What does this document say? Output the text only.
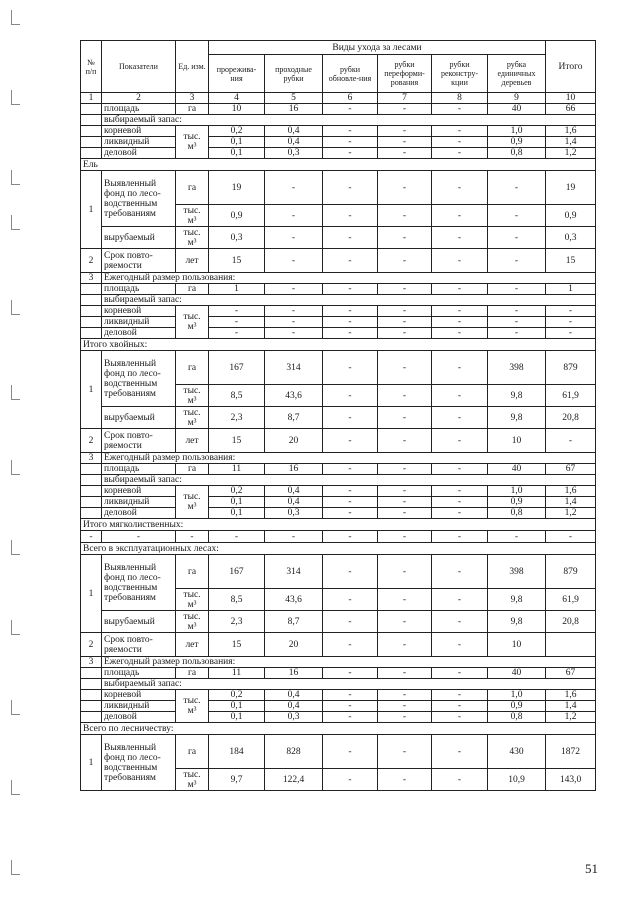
№ п/п	Показатели	Ед. изм.	Виды ухода за лесами						Итого
			прорежива-ния	проходные рубки	рубки обновле-ния	рубки переформи-рования	рубки реконстру-кции	рубка единичных деревьев	
1	2	3	4	5	6	7	8	9	10
	площадь	га	10	16	-	-	-	40	66
	выбираемый запас:								
	корневой	тыс. м³	0,2	0,4	-	-	-	1,0	1,6
	ликвидный		0,1	0,4	-	-	-	0,9	1,4
	деловой		0,1	0,3	-	-	-	0,8	1,2
Ель									
1	Выявленный фонд по лесо-водственным требованиям	га	19	-	-	-	-	-	19
		тыс. м³	0,9	-	-	-	-	-	0,9
	вырубаемый	тыс. м³	0,3	-	-	-	-	-	0,3
2	Срок повто-ряемости	лет	15	-	-	-	-	-	15
3	Ежегодный размер пользования:								
	площадь	га	1	-	-	-	-	-	1
	выбираемый запас:								
	корневой	тыс. м³	-	-	-	-	-	-	-
	ликвидный		-	-	-	-	-	-	-
	деловой		-	-	-	-	-	-	-
Итого хвойных:									
1	Выявленный фонд по лесо-водственным требованиям	га	167	314	-	-	-	398	879
		тыс. м³	8,5	43,6	-	-	-	9,8	61,9
	вырубаемый	тыс. м³	2,3	8,7	-	-	-	9,8	20,8
2	Срок повто-ряемости	лет	15	20	-	-	-	10	-
3	Ежегодный размер пользования:								
	площадь	га	11	16	-	-	-	40	67
	выбираемый запас:								
	корневой	тыс. м³	0,2	0,4	-	-	-	1,0	1,6
	ликвидный		0,1	0,4	-	-	-	0,9	1,4
	деловой		0,1	0,3	-	-	-	0,8	1,2
Итого мягколиственных:									
-	-	-	-	-	-	-	-	-	-
Всего в эксплуатационных лесах:									
1	Выявленный фонд по лесо-водственным требованиям	га	167	314	-	-	-	398	879
		тыс. м³	8,5	43,6	-	-	-	9,8	61,9
	вырубаемый	тыс. м³	2,3	8,7	-	-	-	9,8	20,8
2	Срок повто-ряемости	лет	15	20	-	-	-	10	
3	Ежегодный размер пользования:								
	площадь	га	11	16	-	-	-	40	67
	выбираемый запас:								
	корневой	тыс. м³	0,2	0,4	-	-	-	1,0	1,6
	ликвидный		0,1	0,4	-	-	-	0,9	1,4
	деловой		0,1	0,3	-	-	-	0,8	1,2
Всего по лесничеству:									
1	Выявленный фонд по лесо-водственным требованиям	га	184	828	-	-	-	430	1872
		тыс. м³	9,7	122,4	-	-	-	10,9	143,0
51
